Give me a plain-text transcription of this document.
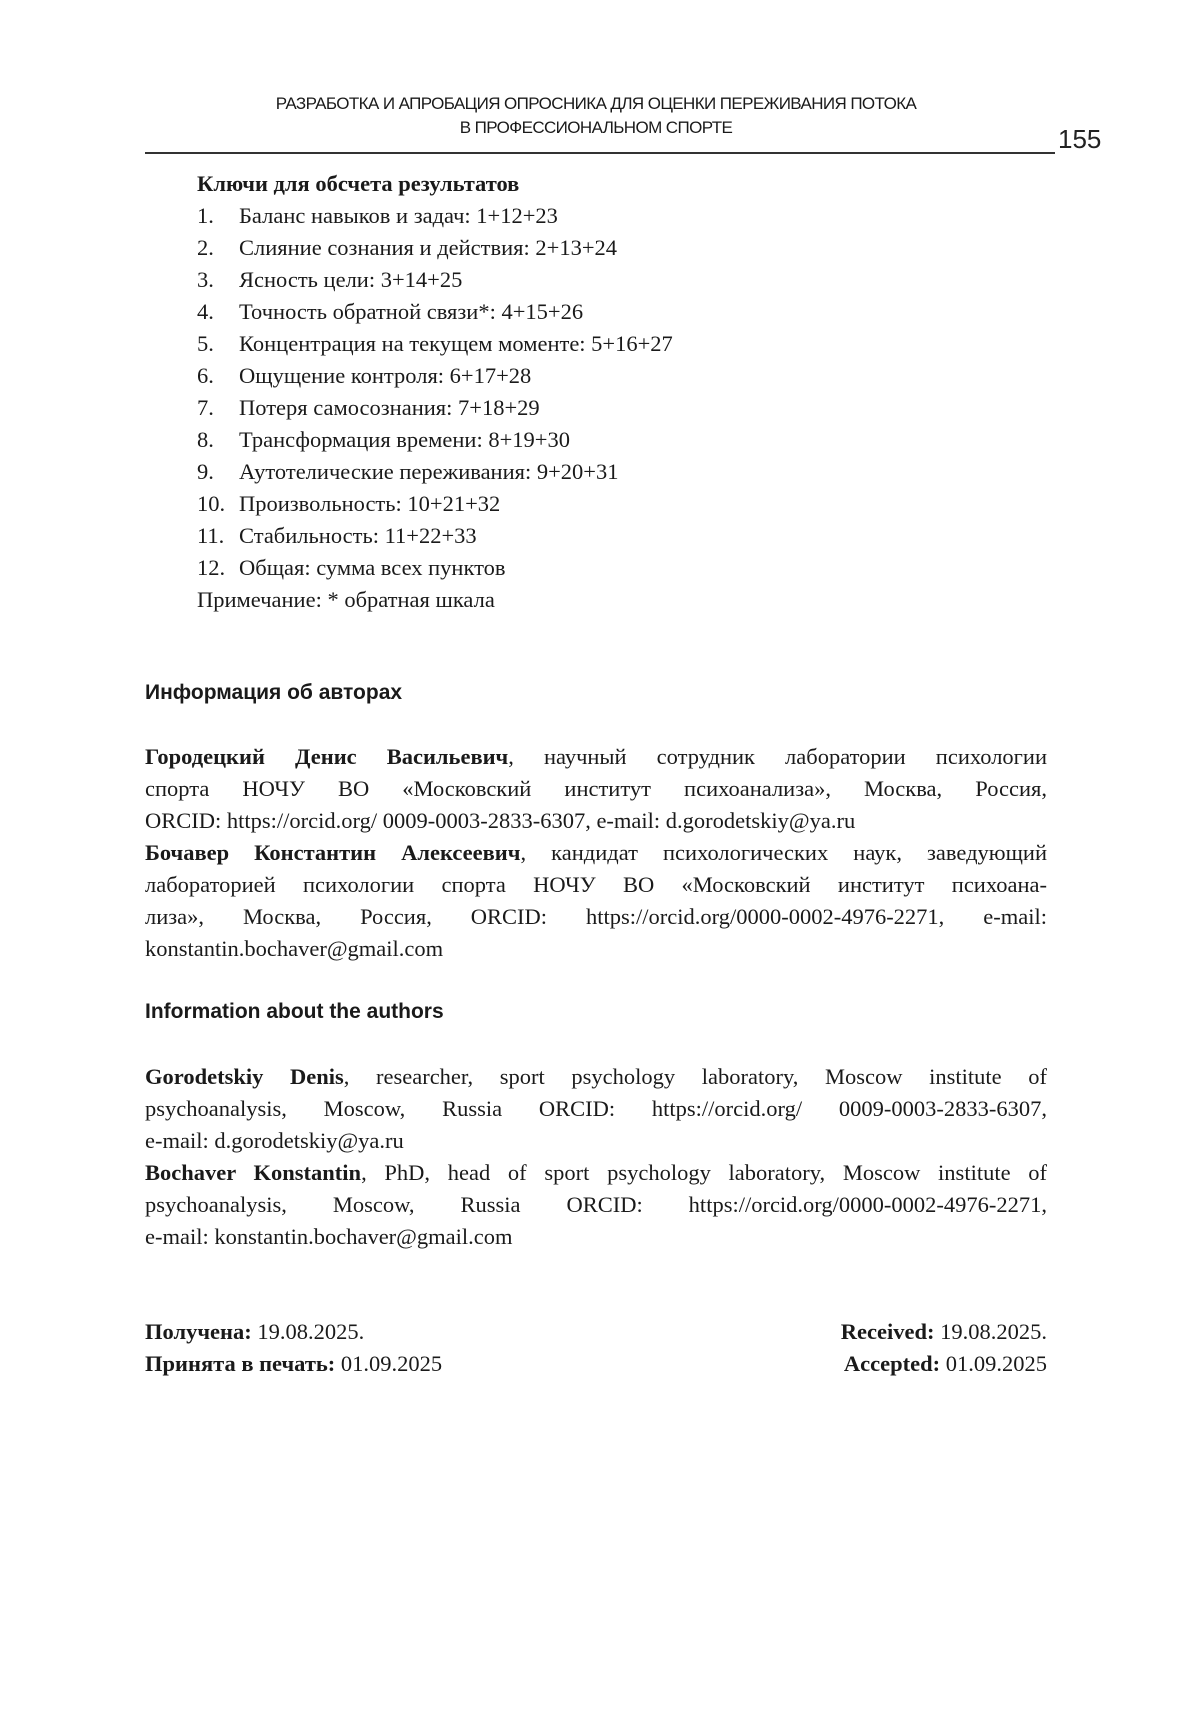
РАЗРАБОТКА И АПРОБАЦИЯ ОПРОСНИКА ДЛЯ ОЦЕНКИ ПЕРЕЖИВАНИЯ ПОТОКА
В ПРОФЕССИОНАЛЬНОМ СПОРТЕ	155
Ключи для обсчета результатов
1. Баланс навыков и задач: 1+12+23
2. Слияние сознания и действия: 2+13+24
3. Ясность цели: 3+14+25
4. Точность обратной связи*: 4+15+26
5. Концентрация на текущем моменте: 5+16+27
6. Ощущение контроля: 6+17+28
7. Потеря самосознания: 7+18+29
8. Трансформация времени: 8+19+30
9. Аутотелические переживания: 9+20+31
10. Произвольность: 10+21+32
11. Стабильность: 11+22+33
12. Общая: сумма всех пунктов
Примечание: * обратная шкала
Информация об авторах
Городецкий Денис Васильевич, научный сотрудник лаборатории психологии
спорта НОЧУ ВО «Московский институт психоанализа», Москва, Россия,
ORCID: https://orcid.org/ 0009-0003-2833-6307, e-mail: d.gorodetskiy@ya.ru
Бочавер Константин Алексеевич, кандидат психологических наук, заведующий
лабораторией психологии спорта НОЧУ ВО «Московский институт психоана-
лиза», Москва, Россия, ORCID: https://orcid.org/0000-0002-4976-2271, e-mail:
konstantin.bochaver@gmail.com
Information about the authors
Gorodetskiy Denis, researcher, sport psychology laboratory, Moscow institute of
psychoanalysis, Moscow, Russia ORCID: https://orcid.org/ 0009-0003-2833-6307,
e-mail: d.gorodetskiy@ya.ru
Bochaver Konstantin, PhD, head of sport psychology laboratory, Moscow institute of
psychoanalysis, Moscow, Russia ORCID: https://orcid.org/0000-0002-4976-2271,
e-mail: konstantin.bochaver@gmail.com
Получена: 19.08.2025.	Received: 19.08.2025.
Принята в печать: 01.09.2025	Accepted: 01.09.2025
